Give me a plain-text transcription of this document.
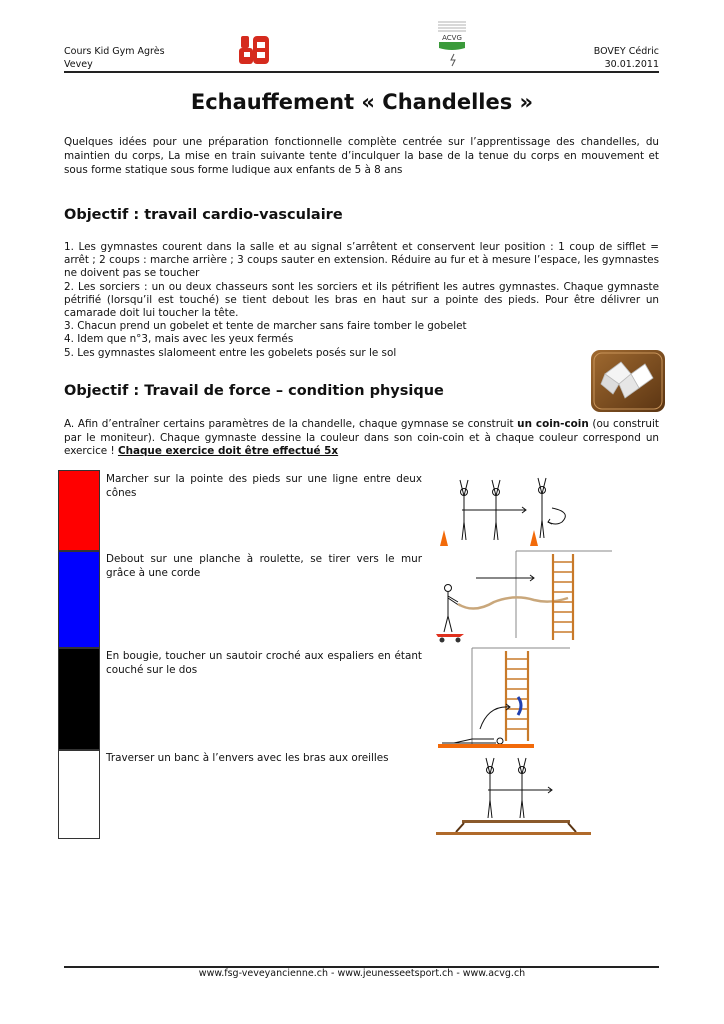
Cours Kid Gym Agrès
Vevey
BOVEY Cédric
30.01.2011
ACVG
Echauffement « Chandelles »

Quelques idées pour une préparation fonctionnelle complète centrée sur l’apprentissage des chandelles, du maintien du corps, La mise en train suivante tente d’inculquer la base de la tenue du corps en mouvement et sous forme statique sous forme ludique aux enfants de 5 à 8 ans

Objectif : travail cardio-vasculaire
1. Les gymnastes courent dans la salle et au signal s’arrêtent et conservent leur position : 1 coup de sifflet = arrêt ; 2 coups : marche arrière ; 3 coups sauter en extension. Réduire au fur et à mesure l’espace, les gymnastes ne doivent pas se toucher
2. Les sorciers : un ou deux chasseurs sont les sorciers et ils pétrifient les autres gymnastes. Chaque gymnaste pétrifié (lorsqu’il est touché) se tient debout les bras en haut sur a pointe des pieds. Pour être délivrer un camarade doit lui toucher la tête.
3. Chacun prend un gobelet et tente de marcher sans faire tomber le gobelet
4. Idem que n°3, mais avec les yeux fermés
5. Les gymnastes slalomeent entre les gobelets posés sur le sol
Objectif : Travail de force – condition physique

A. Afin d’entraîner certains paramètres de la chandelle, chaque gymnase se construit un coin-coin (ou construit par le moniteur). Chaque gymnaste dessine la couleur dans son coin-coin et à chaque couleur correspond un exercice ! Chaque exercice doit être effectué 5x

Marcher sur la pointe des pieds sur une ligne entre deux cônes
Debout sur une planche à roulette, se tirer vers le mur grâce à une corde
En bougie, toucher un sautoir croché aux espaliers en étant couché sur le dos
Traverser un banc à l’envers avec les bras aux oreilles
www.fsg-veveyancienne.ch - www.jeunesseetsport.ch - www.acvg.ch
